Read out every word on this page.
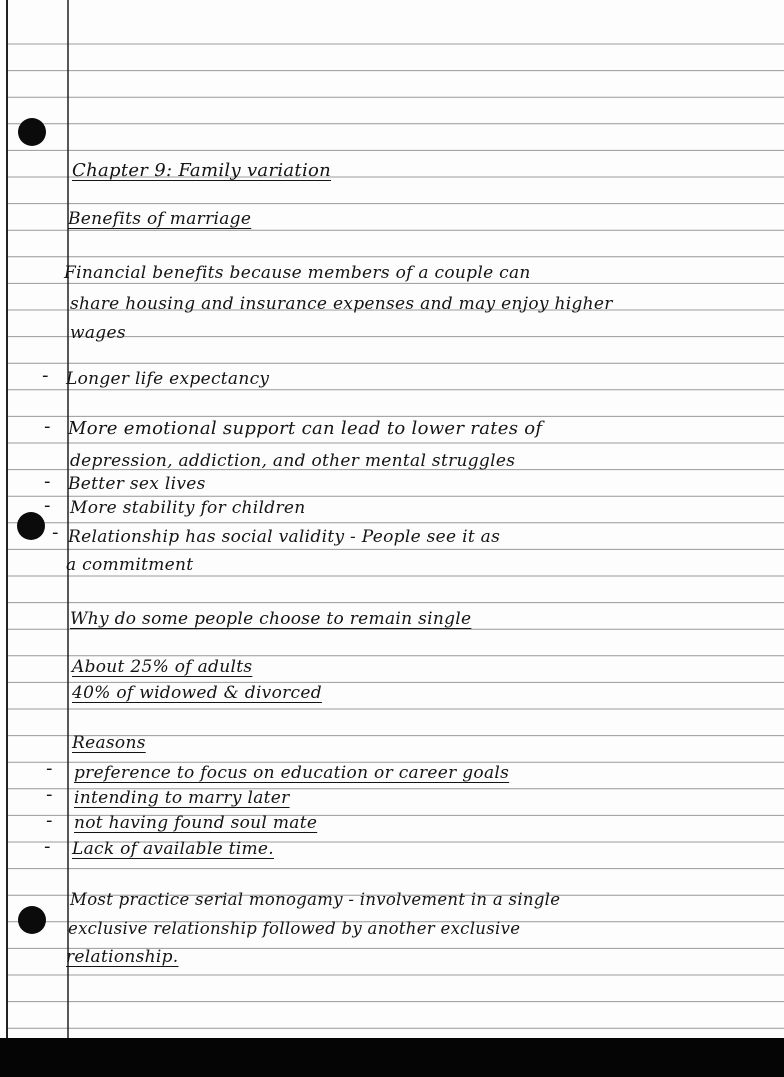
Chapter 9: Family variation
Benefits of marriage
Financial benefits because members of a couple can
share housing and insurance expenses and may enjoy higher
wages
- Longer life expectancy
- More emotional support can lead to lower rates of
depression, addiction, and other mental struggles
- Better sex lives
- More stability for children
- Relationship has social validity - People see it as
a commitment
Why do some people choose to remain single
About 25% of adults
40% of widowed & divorced
Reasons
- preference to focus on education or career goals
- intending to marry later
- not having found soul mate
- Lack of available time.
Most practice serial monogamy - involvement in a single
exclusive relationship followed by another exclusive
relationship.
